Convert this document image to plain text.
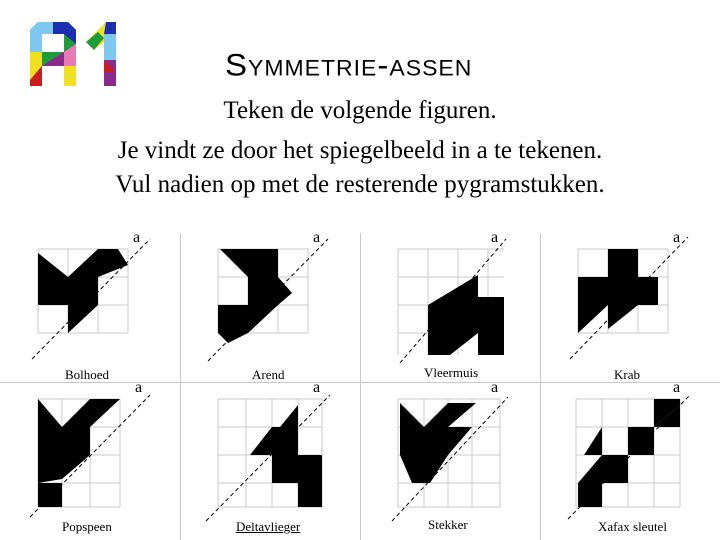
Symmetrie-assen
Teken de volgende figuren.
Je vindt ze door het spiegelbeeld in a te tekenen.
Vul nadien op met de resterende pygramstukken.
a
Bolhoed
a
Arend
a
Vleermuis
a
Krab
a
Popspeen
a
Deltavlieger
a
Stekker
a
Xafax sleutel
